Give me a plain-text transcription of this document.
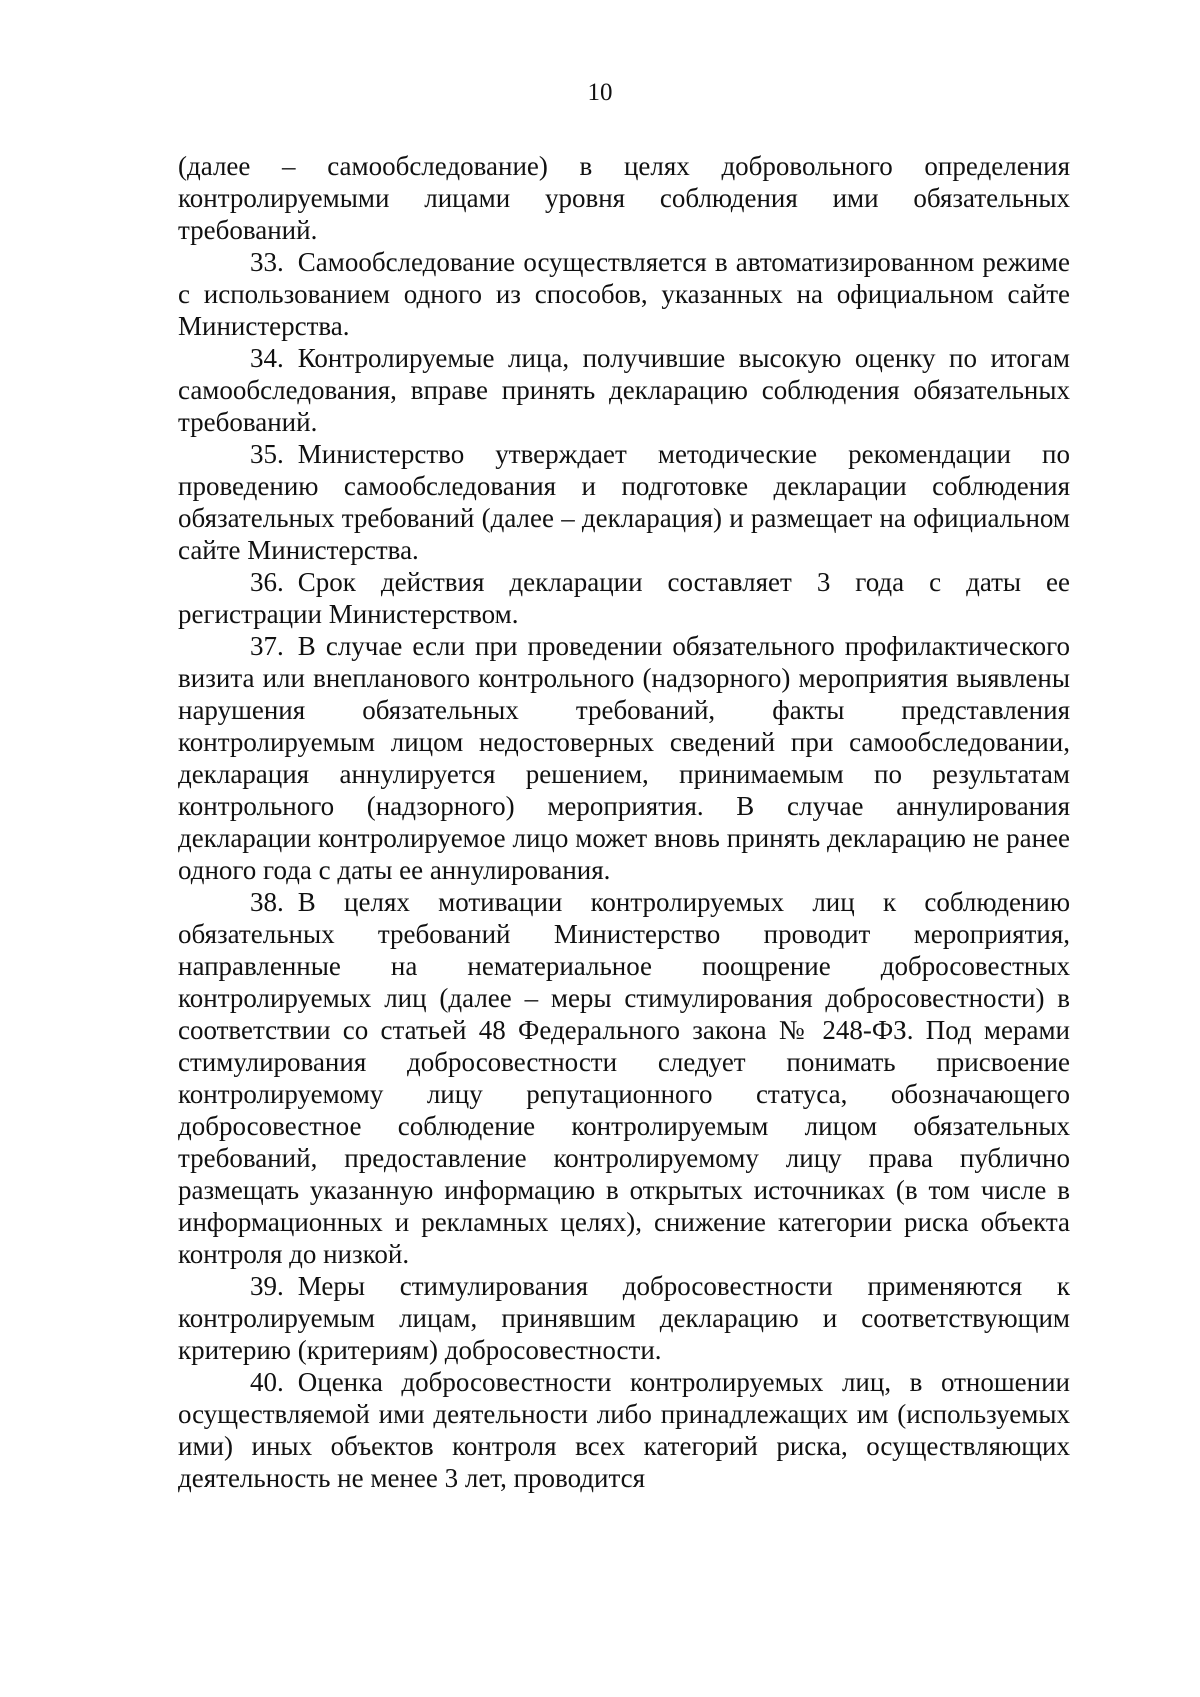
10

(далее – самообследование) в целях добровольного определения контролируемыми лицами уровня соблюдения ими обязательных требований.

33. Самообследование осуществляется в автоматизированном режиме с использованием одного из способов, указанных на официальном сайте Министерства.

34. Контролируемые лица, получившие высокую оценку по итогам самообследования, вправе принять декларацию соблюдения обязательных требований.

35. Министерство утверждает методические рекомендации по проведению самообследования и подготовке декларации соблюдения обязательных требований (далее – декларация) и размещает на официальном сайте Министерства.

36. Срок действия декларации составляет 3 года с даты ее регистрации Министерством.

37. В случае если при проведении обязательного профилактического визита или внепланового контрольного (надзорного) мероприятия выявлены нарушения обязательных требований, факты представления контролируемым лицом недостоверных сведений при самообследовании, декларация аннулируется решением, принимаемым по результатам контрольного (надзорного) мероприятия. В случае аннулирования декларации контролируемое лицо может вновь принять декларацию не ранее одного года с даты ее аннулирования.

38. В целях мотивации контролируемых лиц к соблюдению обязательных требований Министерство проводит мероприятия, направленные на нематериальное поощрение добросовестных контролируемых лиц (далее – меры стимулирования добросовестности) в соответствии со статьей 48 Федерального закона № 248-ФЗ. Под мерами стимулирования добросовестности следует понимать присвоение контролируемому лицу репутационного статуса, обозначающего добросовестное соблюдение контролируемым лицом обязательных требований, предоставление контролируемому лицу права публично размещать указанную информацию в открытых источниках (в том числе в информационных и рекламных целях), снижение категории риска объекта контроля до низкой.

39. Меры стимулирования добросовестности применяются к контролируемым лицам, принявшим декларацию и соответствующим критерию (критериям) добросовестности.

40. Оценка добросовестности контролируемых лиц, в отношении осуществляемой ими деятельности либо принадлежащих им (используемых ими) иных объектов контроля всех категорий риска, осуществляющих деятельность не менее 3 лет, проводится
